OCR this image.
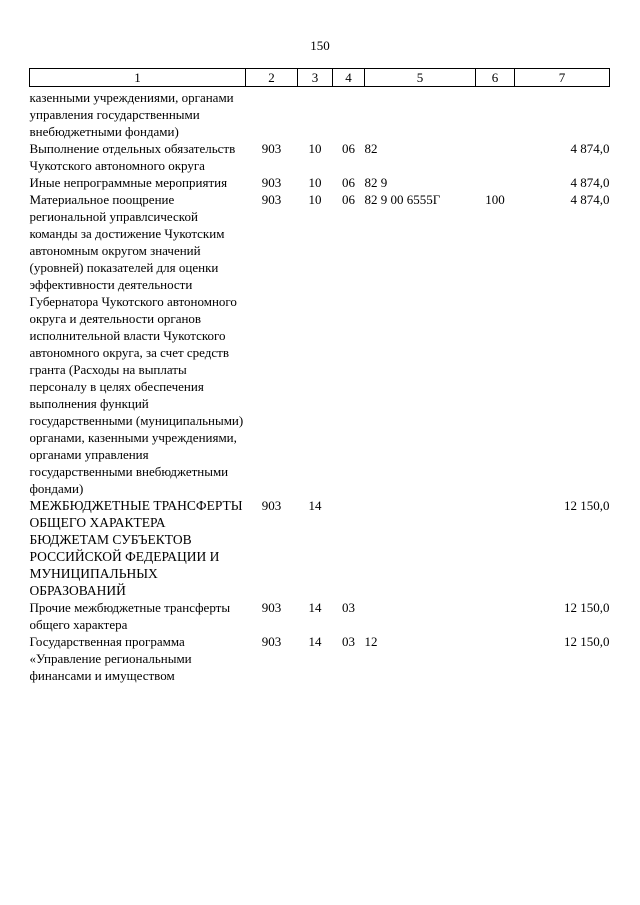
150
1	2	3	4	5	6	7
казенными учреждениями, органами управления государственными внебюджетными фондами)						
Выполнение отдельных обязательств Чукотского автономного округа	903	10	06	82		4 874,0
Иные непрограммные мероприятия	903	10	06	82 9		4 874,0
Материальное поощрение региональной управлсической команды за достижение Чукотским автономным округом значений (уровней) показателей для оценки эффективности деятельности Губернатора Чукотского автономного округа и деятельности органов исполнительной власти Чукотского автономного округа, за счет средств гранта (Расходы на выплаты персоналу в целях обеспечения выполнения функций государственными (муниципальными) органами, казенными учреждениями, органами управления государственными внебюджетными фондами)	903	10	06	82 9 00 6555Г	100	4 874,0
МЕЖБЮДЖЕТНЫЕ ТРАНСФЕРТЫ ОБЩЕГО ХАРАКТЕРА БЮДЖЕТАМ СУБЪЕКТОВ РОССИЙСКОЙ ФЕДЕРАЦИИ И МУНИЦИПАЛЬНЫХ ОБРАЗОВАНИЙ	903	14				12 150,0
Прочие межбюджетные трансферты общего характера	903	14	03			12 150,0
Государственная программа «Управление региональными финансами и имуществом	903	14	03	12		12 150,0
